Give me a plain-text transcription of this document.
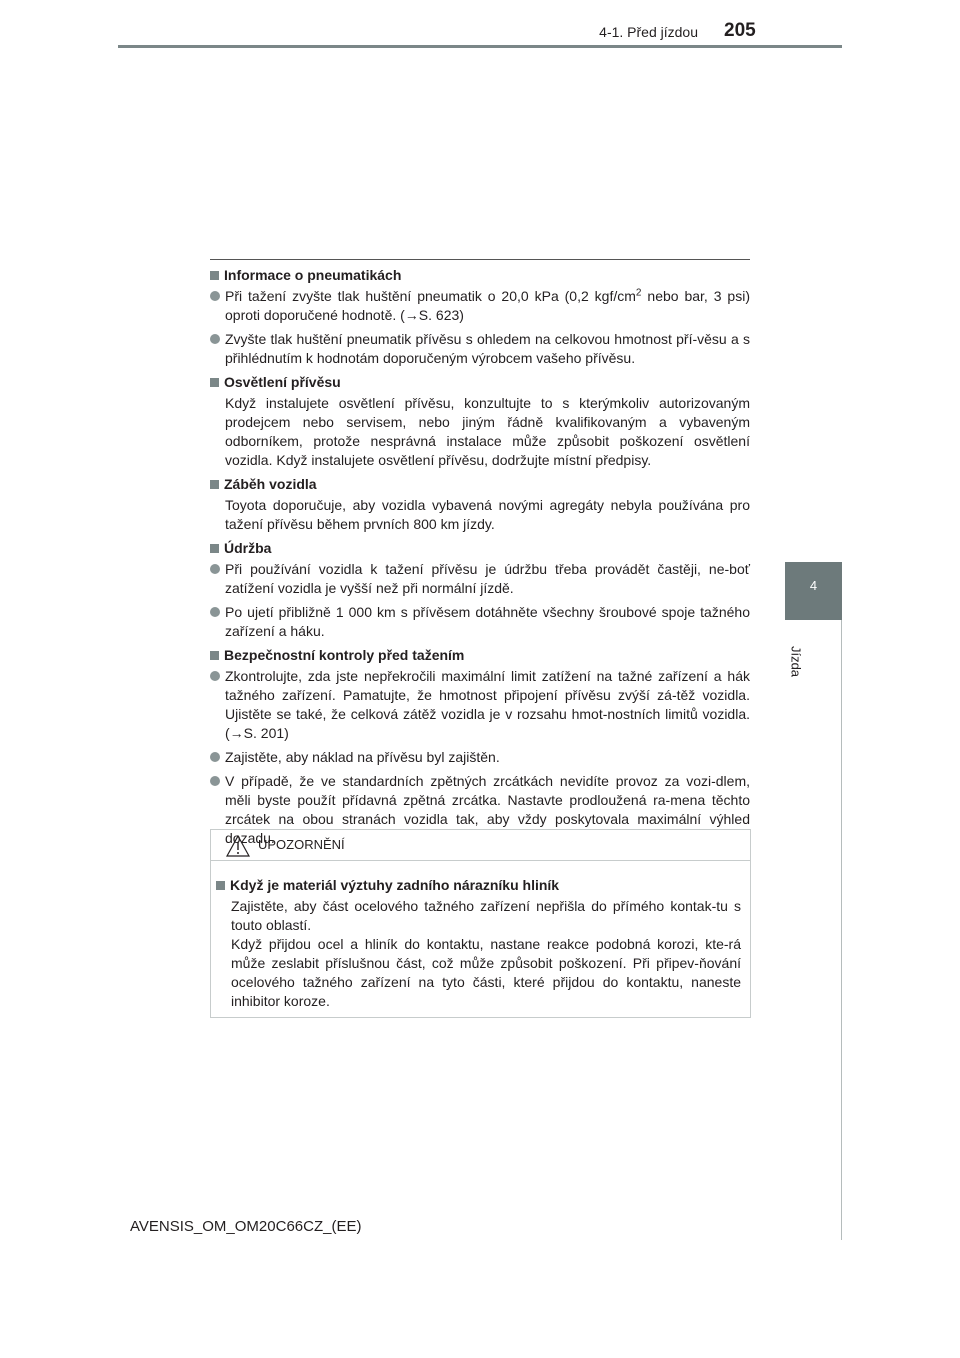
4-1. Před jízdou 205
4
Jízda
Informace o pneumatikách
Při tažení zvyšte tlak huštění pneumatik o 20,0 kPa (0,2 kgf/$cm^2$ nebo bar, 3 psi) oproti doporučené hodnotě. (→S. 623)
Zvyšte tlak huštění pneumatik přívěsu s ohledem na celkovou hmotnost pří-věsu a s přihlédnutím k hodnotám doporučeným výrobcem vašeho přívěsu.
Osvětlení přívěsu
Když instalujete osvětlení přívěsu, konzultujte to s kterýmkoliv autorizovaným prodejcem nebo servisem, nebo jiným řádně kvalifikovaným a vybaveným odborníkem, protože nesprávná instalace může způsobit poškození osvětlení vozidla. Když instalujete osvětlení přívěsu, dodržujte místní předpisy.
Záběh vozidla
Toyota doporučuje, aby vozidla vybavená novými agregáty nebyla používána pro tažení přívěsu během prvních 800 km jízdy.
Údržba
Při používání vozidla k tažení přívěsu je údržbu třeba provádět častěji, ne-boť zatížení vozidla je vyšší než při normální jízdě.
Po ujetí přibližně 1 000 km s přívěsem dotáhněte všechny šroubové spoje tažného zařízení a háku.
Bezpečnostní kontroly před tažením
Zkontrolujte, zda jste nepřekročili maximální limit zatížení na tažné zařízení a hák tažného zařízení. Pamatujte, že hmotnost připojení přívěsu zvýší zá-těž vozidla. Ujistěte se také, že celková zátěž vozidla je v rozsahu hmot-nostních limitů vozidla. (→S. 201)
Zajistěte, aby náklad na přívěsu byl zajištěn.
V případě, že ve standardních zpětných zrcátkách nevidíte provoz za vozi-dlem, měli byste použít přídavná zpětná zrcátka. Nastavte prodloužená ra-mena těchto zrcátek na obou stranách vozidla tak, aby vždy poskytovala maximální výhled dozadu.
UPOZORNĚNÍ
Když je materiál výztuhy zadního nárazníku hliník
Zajistěte, aby část ocelového tažného zařízení nepřišla do přímého kontak-tu s touto oblastí.
Když přijdou ocel a hliník do kontaktu, nastane reakce podobná korozi, kte-rá může zeslabit příslušnou část, což může způsobit poškození. Při připev-ňování ocelového tažného zařízení na tyto části, které přijdou do kontaktu, naneste inhibitor koroze.
AVENSIS_OM_OM20C66CZ_(EE)
